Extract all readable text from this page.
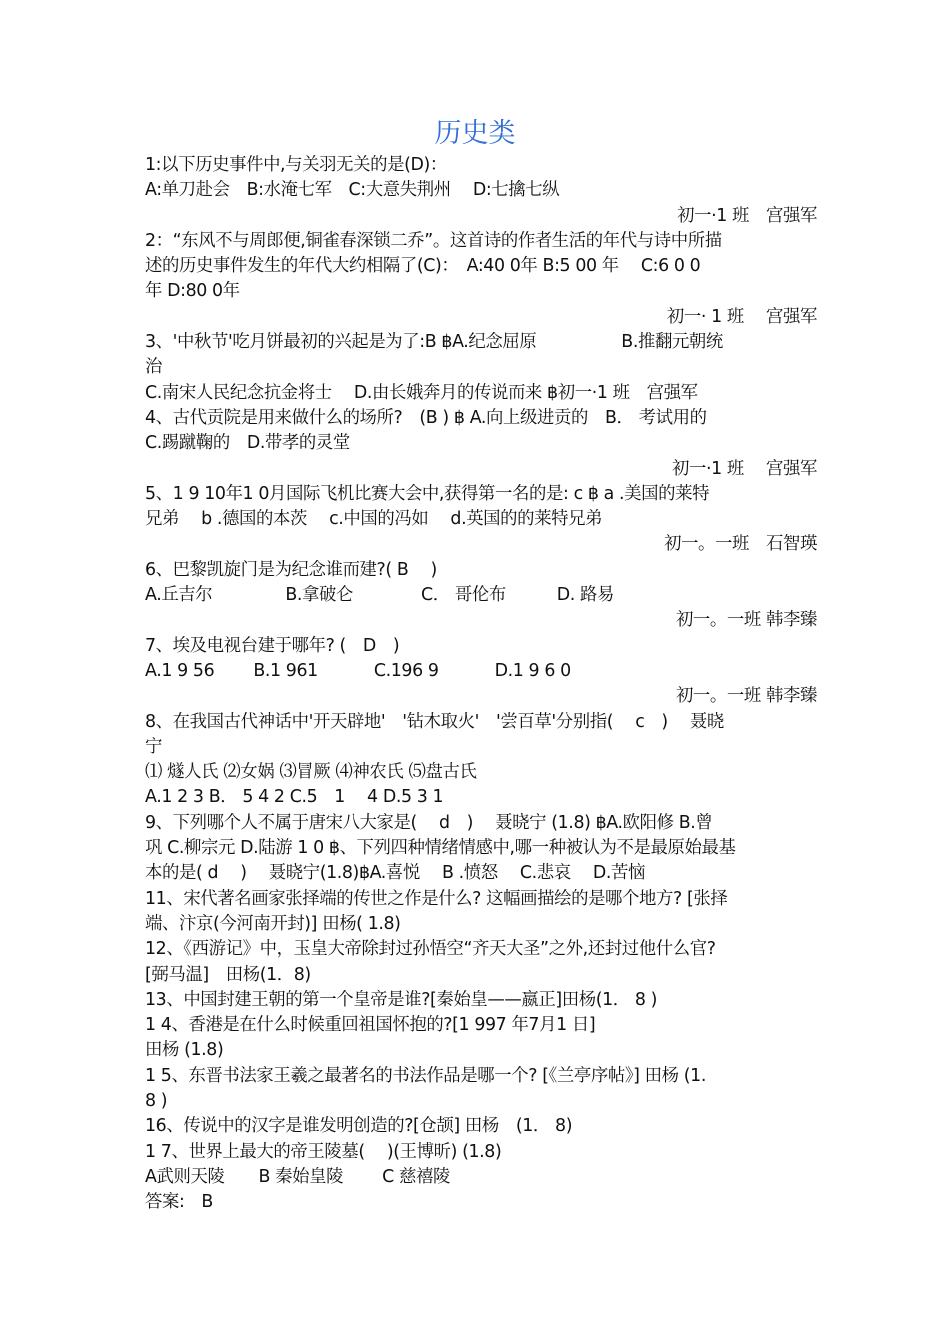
历史类
1:以下历史事件中,与关羽无关的是(D)：
A:单刀赴会　B:水淹七军　C:大意失荆州　 D:七擒七纵
初一·1 班　宫强军
2：“东风不与周郎便,铜雀春深锁二乔”。这首诗的作者生活的年代与诗中所描
述的历史事件发生的年代大约相隔了(C)：　A:40 0年 B:5 00 年　 C:6 0 0
年 D:80 0年
初一· 1 班　 宫强军　
3、'中秋节'吃月饼最初的兴起是为了:B ฿A.纪念屈原　　　　　B.推翻元朝统
治
C.南宋人民纪念抗金将士　 D.由长娥奔月的传说而来 ฿初一·1 班　宫强军
4、古代贡院是用来做什么的场所?　(B ) ฿ A.向上级进贡的　B． 考试用的
C.踢蹴鞠的　D.带孝的灵堂
初一·1 班　 宫强军　　　　　　　
5、1 9 10年1 0月国际飞机比赛大会中,获得第一名的是: c ฿ a .美国的莱特
兄弟　 b .德国的本茨　 c.中国的冯如　 d.英国的的莱特兄弟
初一。一班　石智瑛
6、巴黎凯旋门是为纪念谁而建?( B　 )
A.丘吉尔　　　　 B.拿破仑　　　　C． 哥伦布　　　D. 路易
初一。一班 韩李臻
7、埃及电视台建于哪年? (　D　)
A.1 9 56　　 B.1 961　　　 C.196 9　　　 D.1 9 6 0
初一。一班 韩李臻
8、在我国古代神话中'开天辟地'　'钻木取火'　'尝百草'分别指(　 c　)　 聂晓
宁
⑴ 燧人氏 ⑵女娲 ⑶冒厥 ⑷神农氏 ⑸盘古氏
A.1 2 3 B． 5 4 2 C.5　1　 4 D.5 3 1
9、下列哪个人不属于唐宋八大家是(　 d　)　 聂晓宁 (1.8) ฿A.欧阳修 B.曾
巩 C.柳宗元 D.陆游 1 0 ฿、下列四种情绪情感中,哪一种被认为不是最原始最基
本的是( d　 )　 聂晓宁(1.8)฿A.喜悦　 B .愤怒　 C.悲哀　 D.苦恼
11、宋代著名画家张择端的传世之作是什么? 这幅画描绘的是哪个地方? [张择
端、汴京(今河南开封)] 田杨( 1.8)
12、《西游记》中，玉皇大帝除封过孙悟空“齐天大圣”之外,还封过他什么官?
[弼马温]　田杨(1．8)
13、中国封建王朝的第一个皇帝是谁?[秦始皇——嬴正]田杨(1． 8 )
1 4、香港是在什么时候重回祖国怀抱的?[1 997 年7月1 日]
田杨 (1.8)
1 5、东晋书法家王羲之最著名的书法作品是哪一个? [《兰亭序帖》] 田杨 (1.
8 )
16、传说中的汉字是谁发明创造的?[仓颉] 田杨　(1． 8)
1 7、世界上最大的帝王陵墓(　 )(王博昕) (1.8)
A武则天陵　　B 秦始皇陵　　 C 慈禧陵
答案:　B
